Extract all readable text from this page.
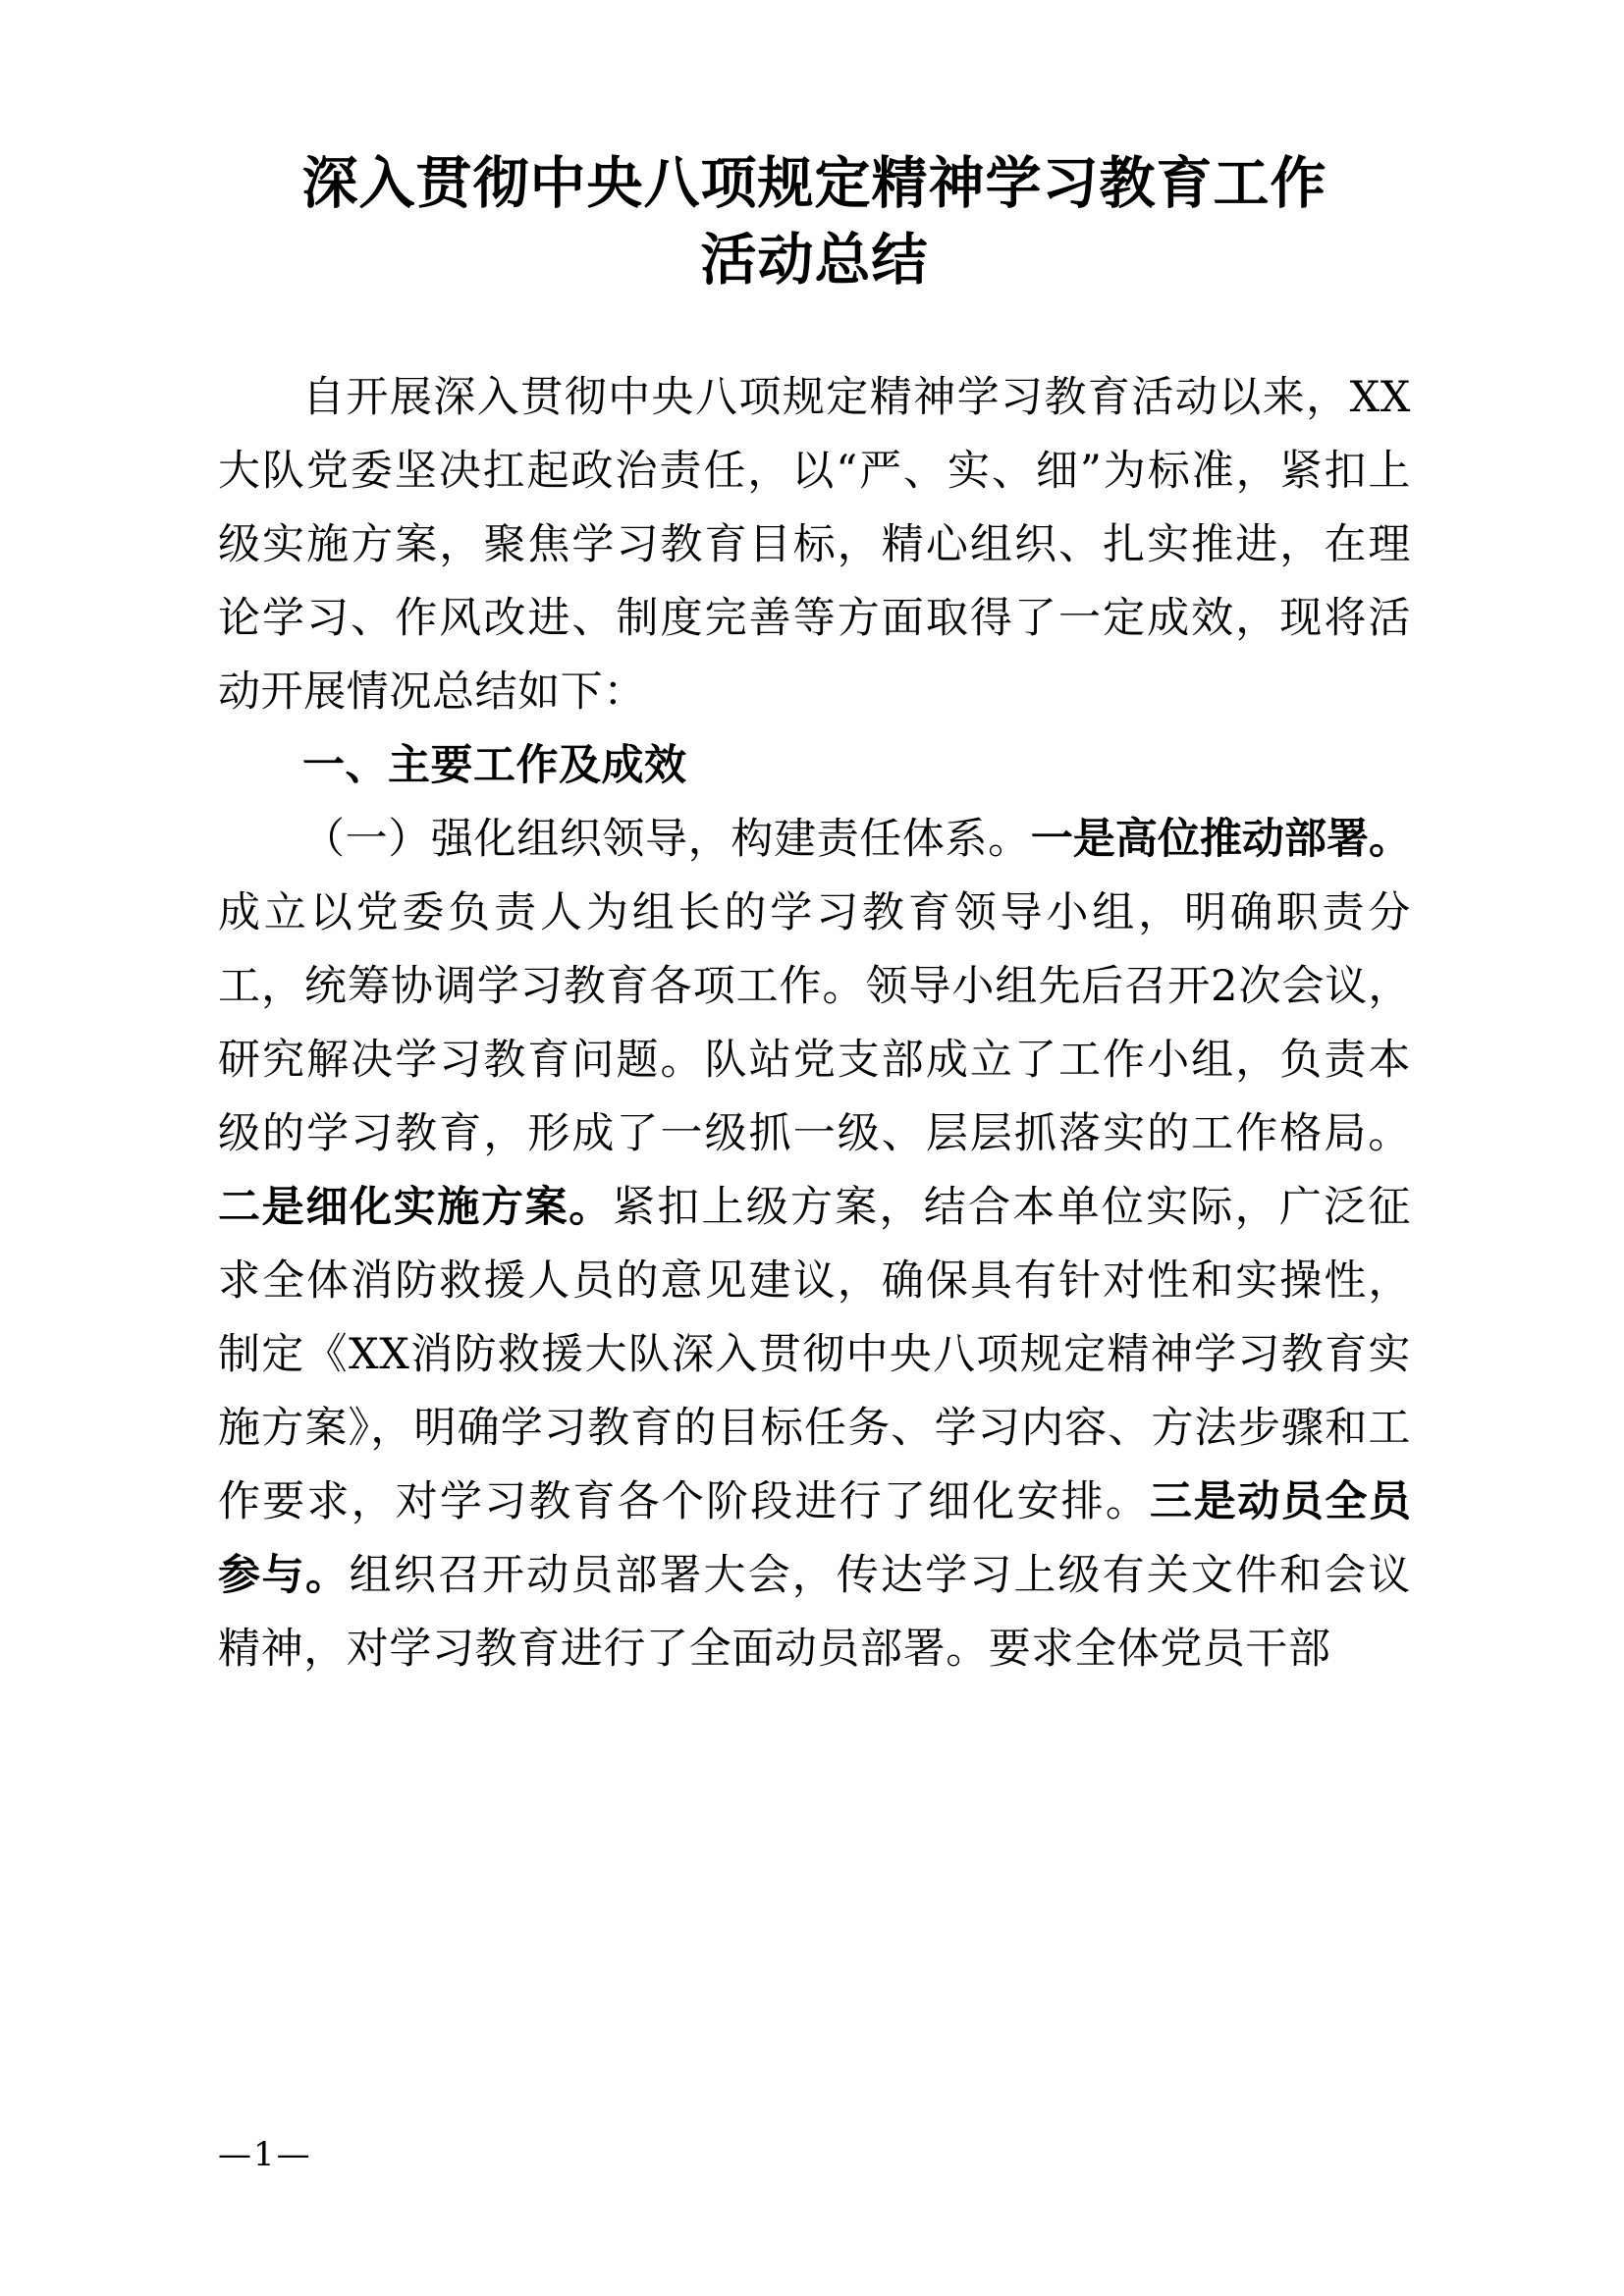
深入贯彻中央八项规定精神学习教育工作
活动总结

自开展深入贯彻中央八项规定精神学习教育活动以来，XX大队党委坚决扛起政治责任，以“严、实、细”为标准，紧扣上级实施方案，聚焦学习教育目标，精心组织、扎实推进，在理论学习、作风改进、制度完善等方面取得了一定成效，现将活动开展情况总结如下：

一、主要工作及成效

（一）强化组织领导，构建责任体系。一是高位推动部署。成立以党委负责人为组长的学习教育领导小组，明确职责分工，统筹协调学习教育各项工作。领导小组先后召开2次会议，研究解决学习教育问题。队站党支部成立了工作小组，负责本级的学习教育，形成了一级抓一级、层层抓落实的工作格局。二是细化实施方案。紧扣上级方案，结合本单位实际，广泛征求全体消防救援人员的意见建议，确保具有针对性和实操性，制定《XX消防救援大队深入贯彻中央八项规定精神学习教育实施方案》，明确学习教育的目标任务、学习内容、方法步骤和工作要求，对学习教育各个阶段进行了细化安排。三是动员全员参与。组织召开动员部署大会，传达学习上级有关文件和会议精神，对学习教育进行了全面动员部署。要求全体党员干部

—1—
